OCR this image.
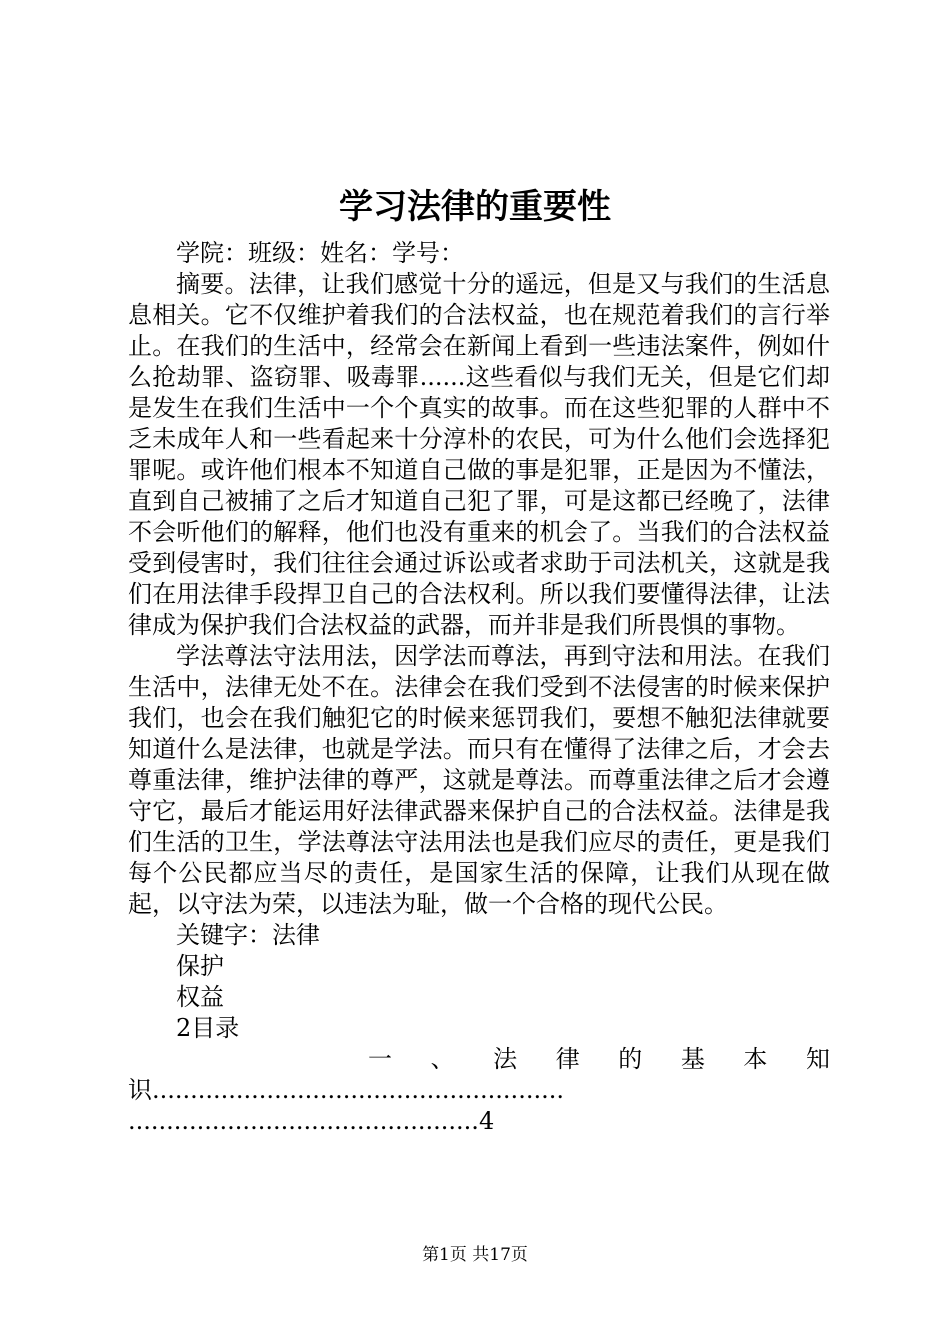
学习法律的重要性

学院：班级：姓名：学号：

摘要。法律，让我们感觉十分的遥远，但是又与我们的生活息息相关。它不仅维护着我们的合法权益，也在规范着我们的言行举止。在我们的生活中，经常会在新闻上看到一些违法案件，例如什么抢劫罪、盗窃罪、吸毒罪......这些看似与我们无关，但是它们却是发生在我们生活中一个个真实的故事。而在这些犯罪的人群中不乏未成年人和一些看起来十分淳朴的农民，可为什么他们会选择犯罪呢。或许他们根本不知道自己做的事是犯罪，正是因为不懂法，直到自己被捕了之后才知道自己犯了罪，可是这都已经晚了，法律不会听他们的解释，他们也没有重来的机会了。当我们的合法权益受到侵害时，我们往往会通过诉讼或者求助于司法机关，这就是我们在用法律手段捍卫自己的合法权利。所以我们要懂得法律，让法律成为保护我们合法权益的武器，而并非是我们所畏惧的事物。

学法尊法守法用法，因学法而尊法，再到守法和用法。在我们生活中，法律无处不在。法律会在我们受到不法侵害的时候来保护我们，也会在我们触犯它的时候来惩罚我们，要想不触犯法律就要知道什么是法律，也就是学法。而只有在懂得了法律之后，才会去尊重法律，维护法律的尊严，这就是尊法。而尊重法律之后才会遵守它，最后才能运用好法律武器来保护自己的合法权益。法律是我们生活的卫生，学法尊法守法用法也是我们应尽的责任，更是我们每个公民都应当尽的责任，是国家生活的保障，让我们从现在做起，以守法为荣，以违法为耻，做一个合格的现代公民。

关键字：法律

保护

权益

2目录

一 、 法 律 的 基 本 知
识......................................................
..............................................4
第1页 共17页
